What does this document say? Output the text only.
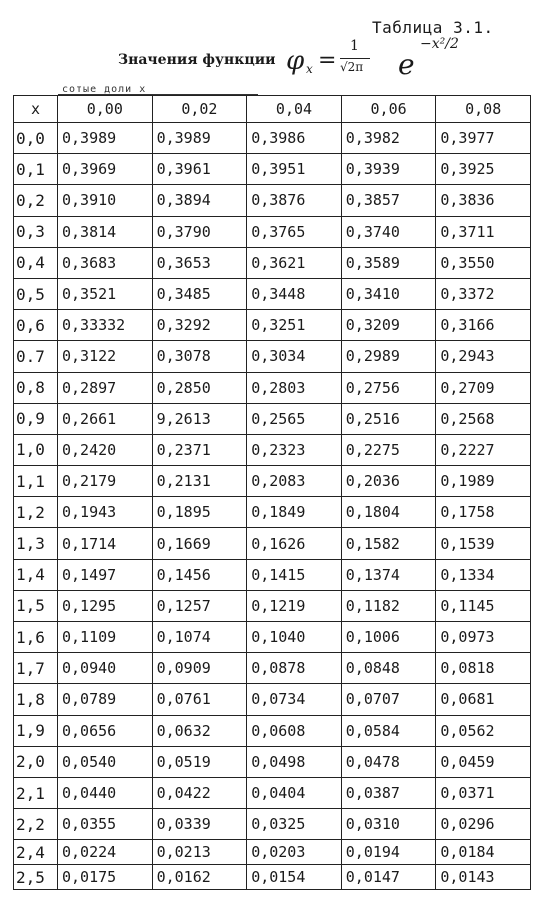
Таблица 3.1.
Значения функции φ x =
1
√2π e
−x²/2
сотые доли x
x	0,00	0,02	0,04	0,06	0,08
0,0	0,3989	0,3989	0,3986	0,3982	0,3977
0,1	0,3969	0,3961	0,3951	0,3939	0,3925
0,2	0,3910	0,3894	0,3876	0,3857	0,3836
0,3	0,3814	0,3790	0,3765	0,3740	0,3711
0,4	0,3683	0,3653	0,3621	0,3589	0,3550
0,5	0,3521	0,3485	0,3448	0,3410	0,3372
0,6	0,33332	0,3292	0,3251	0,3209	0,3166
0.7	0,3122	0,3078	0,3034	0,2989	0,2943
0,8	0,2897	0,2850	0,2803	0,2756	0,2709
0,9	0,2661	9,2613	0,2565	0,2516	0,2568
1,0	0,2420	0,2371	0,2323	0,2275	0,2227
1,1	0,2179	0,2131	0,2083	0,2036	0,1989
1,2	0,1943	0,1895	0,1849	0,1804	0,1758
1,3	0,1714	0,1669	0,1626	0,1582	0,1539
1,4	0,1497	0,1456	0,1415	0,1374	0,1334
1,5	0,1295	0,1257	0,1219	0,1182	0,1145
1,6	0,1109	0,1074	0,1040	0,1006	0,0973
1,7	0,0940	0,0909	0,0878	0,0848	0,0818
1,8	0,0789	0,0761	0,0734	0,0707	0,0681
1,9	0,0656	0,0632	0,0608	0,0584	0,0562
2,0	0,0540	0,0519	0,0498	0,0478	0,0459
2,1	0,0440	0,0422	0,0404	0,0387	0,0371
2,2	0,0355	0,0339	0,0325	0,0310	0,0296
2,4	0,0224	0,0213	0,0203	0,0194	0,0184
2,5	0,0175	0,0162	0,0154	0,0147	0,0143
